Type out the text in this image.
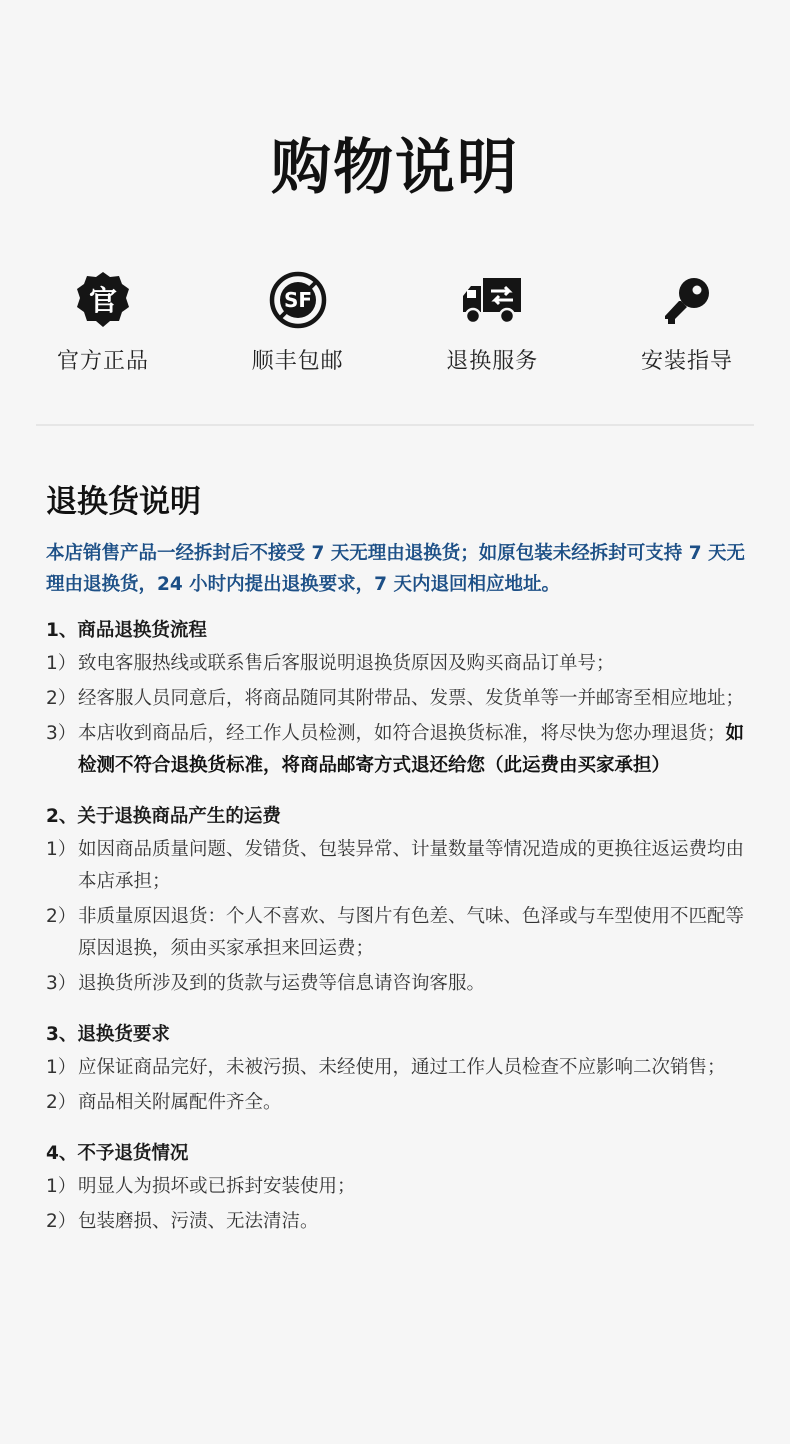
购物说明
官
官方正品
SF
顺丰包邮	退换服务	安装指导
退换货说明
本店销售产品一经拆封后不接受 7 天无理由退换货；如原包装未经拆封可支持 7 天无理由退换货，24 小时内提出退换要求，7 天内退回相应地址。
1、商品退换货流程
1） 致电客服热线或联系售后客服说明退换货原因及购买商品订单号；
2） 经客服人员同意后，将商品随同其附带品、发票、发货单等一并邮寄至相应地址；
3） 本店收到商品后，经工作人员检测，如符合退换货标准，将尽快为您办理退货；如检测不符合退换货标准，将商品邮寄方式退还给您（此运费由买家承担）
2、关于退换商品产生的运费
1） 如因商品质量问题、发错货、包装异常、计量数量等情况造成的更换往返运费均由本店承担；
2） 非质量原因退货：个人不喜欢、与图片有色差、气味、色泽或与车型使用不匹配等原因退换，须由买家承担来回运费；
3） 退换货所涉及到的货款与运费等信息请咨询客服。
3、退换货要求
1） 应保证商品完好，未被污损、未经使用，通过工作人员检查不应影响二次销售；
2） 商品相关附属配件齐全。
4、不予退货情况
1） 明显人为损坏或已拆封安装使用；
2） 包装磨损、污渍、无法清洁。
